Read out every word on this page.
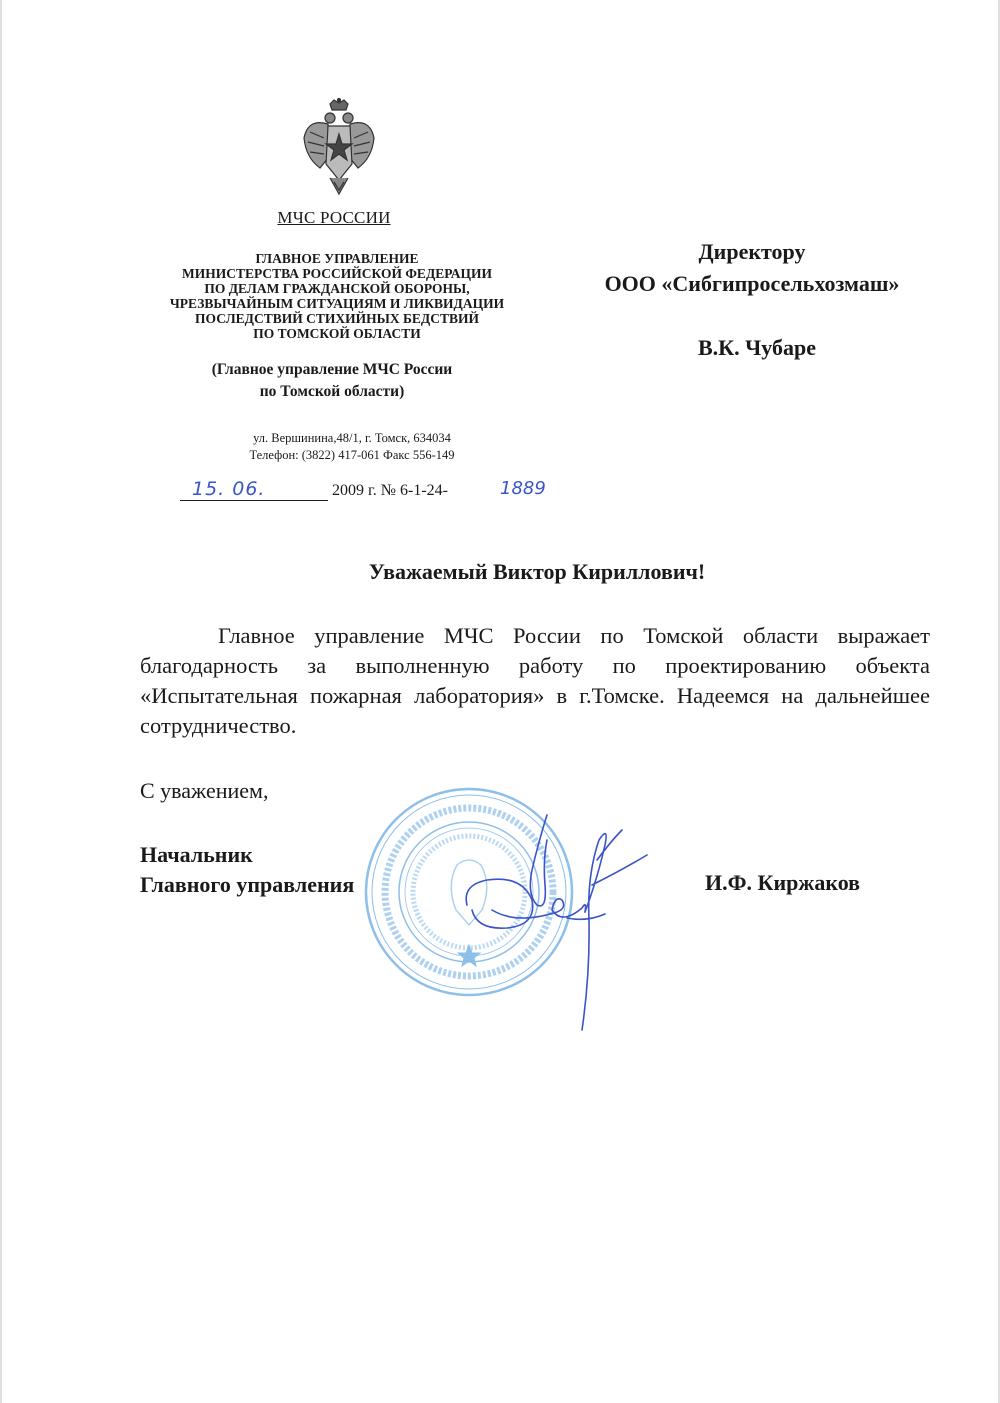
МЧС РОССИИ
ГЛАВНОЕ УПРАВЛЕНИЕ
МИНИСТЕРСТВА РОССИЙСКОЙ ФЕДЕРАЦИИ
ПО ДЕЛАМ ГРАЖДАНСКОЙ ОБОРОНЫ,
ЧРЕЗВЫЧАЙНЫМ СИТУАЦИЯМ И ЛИКВИДАЦИИ
ПОСЛЕДСТВИЙ СТИХИЙНЫХ БЕДСТВИЙ
ПО ТОМСКОЙ ОБЛАСТИ
(Главное управление МЧС России
по Томской области)
ул. Вершинина,48/1, г. Томск, 634034
Телефон: (3822) 417-061 Факс 556-149
15. 06.	2009 г. № 6-1-24-	1889
Директору
ООО «Сибгипросельхозмаш»
В.К. Чубаре
Уважаемый Виктор Кириллович!
Главное управление МЧС России по Томской области выражает благодарность за выполненную работу по проектированию объекта «Испытательная пожарная лаборатория» в г.Томске. Надеемся на дальнейшее сотрудничество.
С уважением,
Начальник
Главного управления	И.Ф. Киржаков
